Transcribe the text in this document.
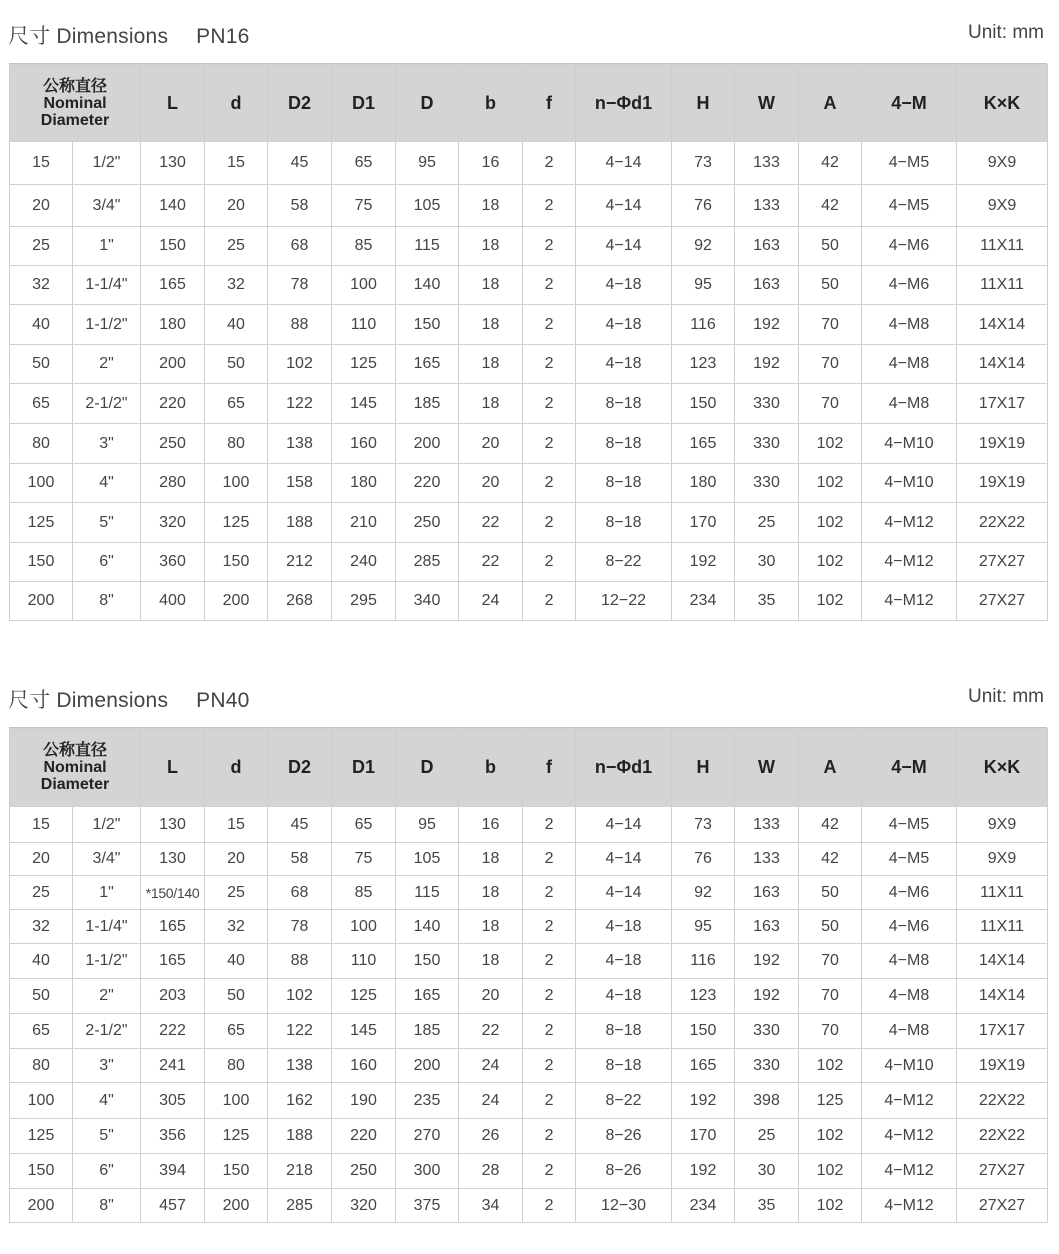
尺寸 Dimensions PN16	Unit: mm
公称直径
Nominal
Diameter		L	d	D2	D1	D	b	f	n−Φd1	H	W	A	4−M	K×K
15	1/2"	130	15	45	65	95	16	2	4−14	73	133	42	4−M5	9X9
20	3/4"	140	20	58	75	105	18	2	4−14	76	133	42	4−M5	9X9
25	1"	150	25	68	85	115	18	2	4−14	92	163	50	4−M6	11X11
32	1-1/4"	165	32	78	100	140	18	2	4−18	95	163	50	4−M6	11X11
40	1-1/2"	180	40	88	110	150	18	2	4−18	116	192	70	4−M8	14X14
50	2"	200	50	102	125	165	18	2	4−18	123	192	70	4−M8	14X14
65	2-1/2"	220	65	122	145	185	18	2	8−18	150	330	70	4−M8	17X17
80	3"	250	80	138	160	200	20	2	8−18	165	330	102	4−M10	19X19
100	4"	280	100	158	180	220	20	2	8−18	180	330	102	4−M10	19X19
125	5"	320	125	188	210	250	22	2	8−18	170	25	102	4−M12	22X22
150	6"	360	150	212	240	285	22	2	8−22	192	30	102	4−M12	27X27
200	8"	400	200	268	295	340	24	2	12−22	234	35	102	4−M12	27X27
尺寸 Dimensions PN40	Unit: mm
公称直径
Nominal
Diameter		L	d	D2	D1	D	b	f	n−Φd1	H	W	A	4−M	K×K
15	1/2"	130	15	45	65	95	16	2	4−14	73	133	42	4−M5	9X9
20	3/4"	130	20	58	75	105	18	2	4−14	76	133	42	4−M5	9X9
25	1"	*150/140	25	68	85	115	18	2	4−14	92	163	50	4−M6	11X11
32	1-1/4"	165	32	78	100	140	18	2	4−18	95	163	50	4−M6	11X11
40	1-1/2"	165	40	88	110	150	18	2	4−18	116	192	70	4−M8	14X14
50	2"	203	50	102	125	165	20	2	4−18	123	192	70	4−M8	14X14
65	2-1/2"	222	65	122	145	185	22	2	8−18	150	330	70	4−M8	17X17
80	3"	241	80	138	160	200	24	2	8−18	165	330	102	4−M10	19X19
100	4"	305	100	162	190	235	24	2	8−22	192	398	125	4−M12	22X22
125	5"	356	125	188	220	270	26	2	8−26	170	25	102	4−M12	22X22
150	6"	394	150	218	250	300	28	2	8−26	192	30	102	4−M12	27X27
200	8"	457	200	285	320	375	34	2	12−30	234	35	102	4−M12	27X27
